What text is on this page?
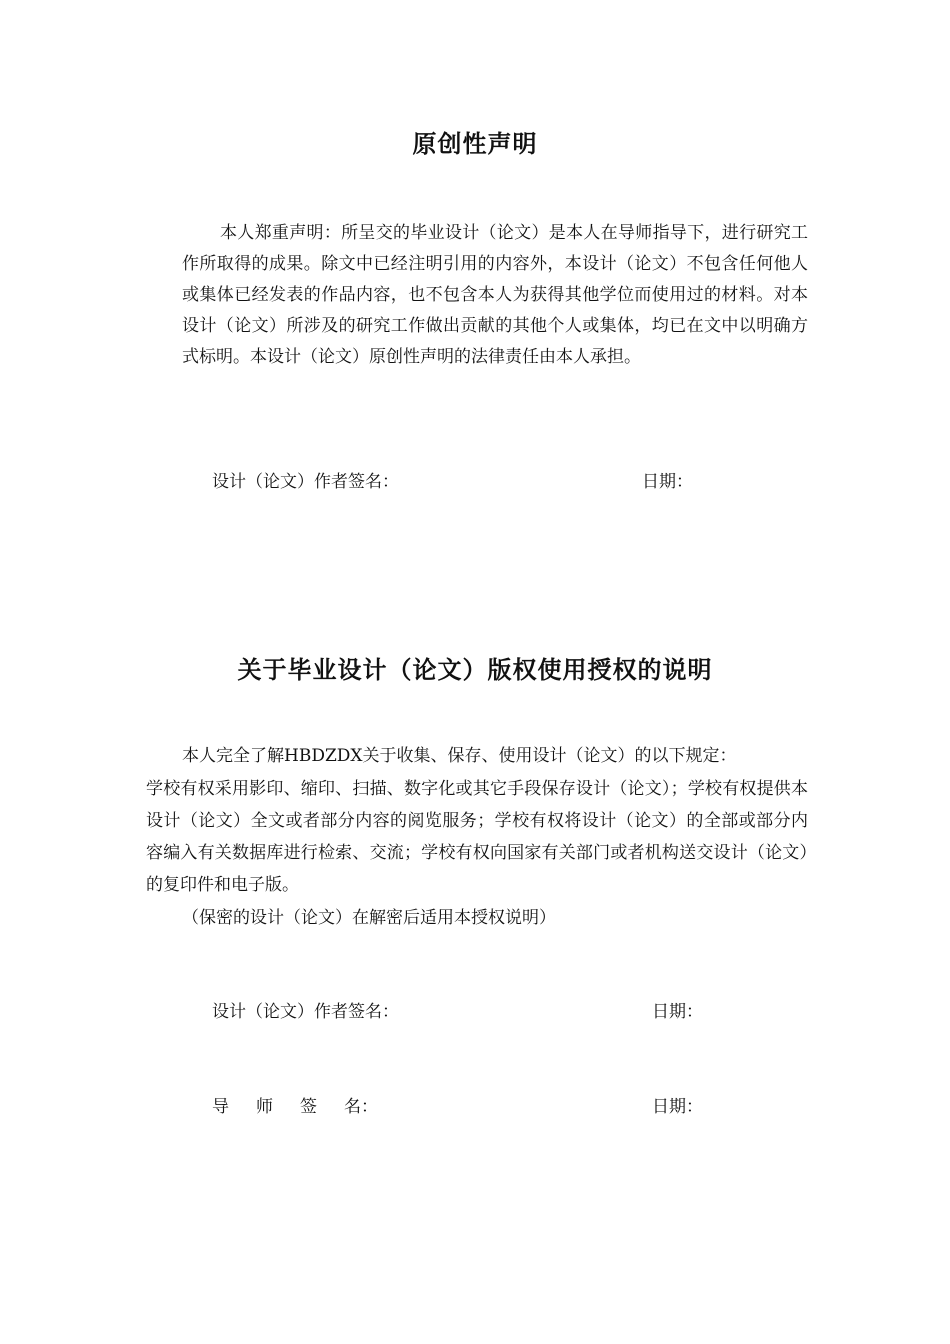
原创性声明

本人郑重声明：所呈交的毕业设计（论文）是本人在导师指导下，进行研究工作所取得的成果。除文中已经注明引用的内容外，本设计（论文）不包含任何他人或集体已经发表的作品内容，也不包含本人为获得其他学位而使用过的材料。对本设计（论文）所涉及的研究工作做出贡献的其他个人或集体，均已在文中以明确方式标明。本设计（论文）原创性声明的法律责任由本人承担。

设计（论文）作者签名：	日期：
关于毕业设计（论文）版权使用授权的说明
本人完全了解HBDZDX关于收集、保存、使用设计（论文）的以下规定：

学校有权采用影印、缩印、扫描、数字化或其它手段保存设计（论文）；学校有权提供本设计（论文）全文或者部分内容的阅览服务；学校有权将设计（论文）的全部或部分内容编入有关数据库进行检索、交流；学校有权向国家有关部门或者机构送交设计（论文）的复印件和电子版。

（保密的设计（论文）在解密后适用本授权说明）
设计（论文）作者签名：	日期：
导 师 签 名：	日期：
